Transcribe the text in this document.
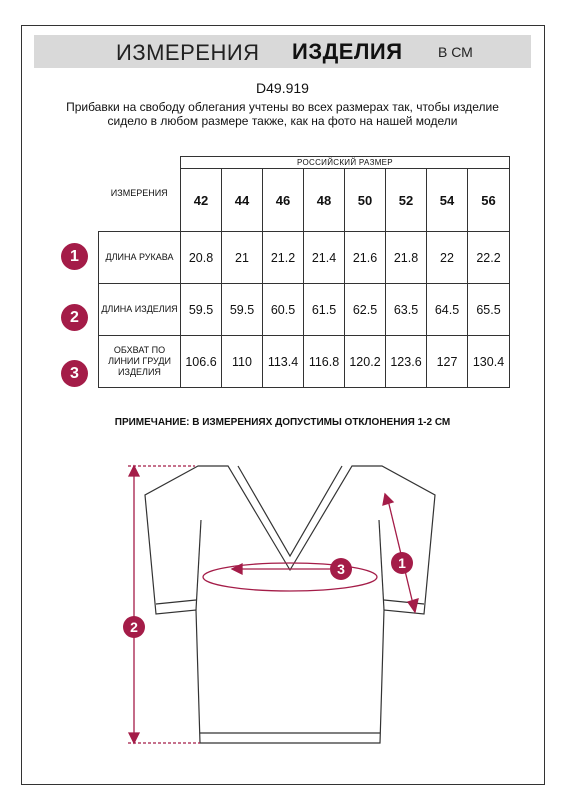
ИЗМЕРЕНИЯ ИЗДЕЛИЯ	В СМ
D49.919
Прибавки на свободу облегания учтены во всех размерах так, чтобы изделие сидело в любом размере также, как на фото на нашей модели
ИЗМЕРЕНИЯ	РОССИЙСКИЙ РАЗМЕР							
	42	44	46	48	50	52	54	56
ДЛИНА РУКАВА	20.8	21	21.2	21.4	21.6	21.8	22	22.2
ДЛИНА ИЗДЕЛИЯ	59.5	59.5	60.5	61.5	62.5	63.5	64.5	65.5
ОБХВАТ ПО ЛИНИИ ГРУДИ ИЗДЕЛИЯ	106.6	110	113.4	116.8	120.2	123.6	127	130.4
1
2
3
ПРИМЕЧАНИЕ: В ИЗМЕРЕНИЯХ ДОПУСТИМЫ ОТКЛОНЕНИЯ 1-2 СМ
2
3	1
